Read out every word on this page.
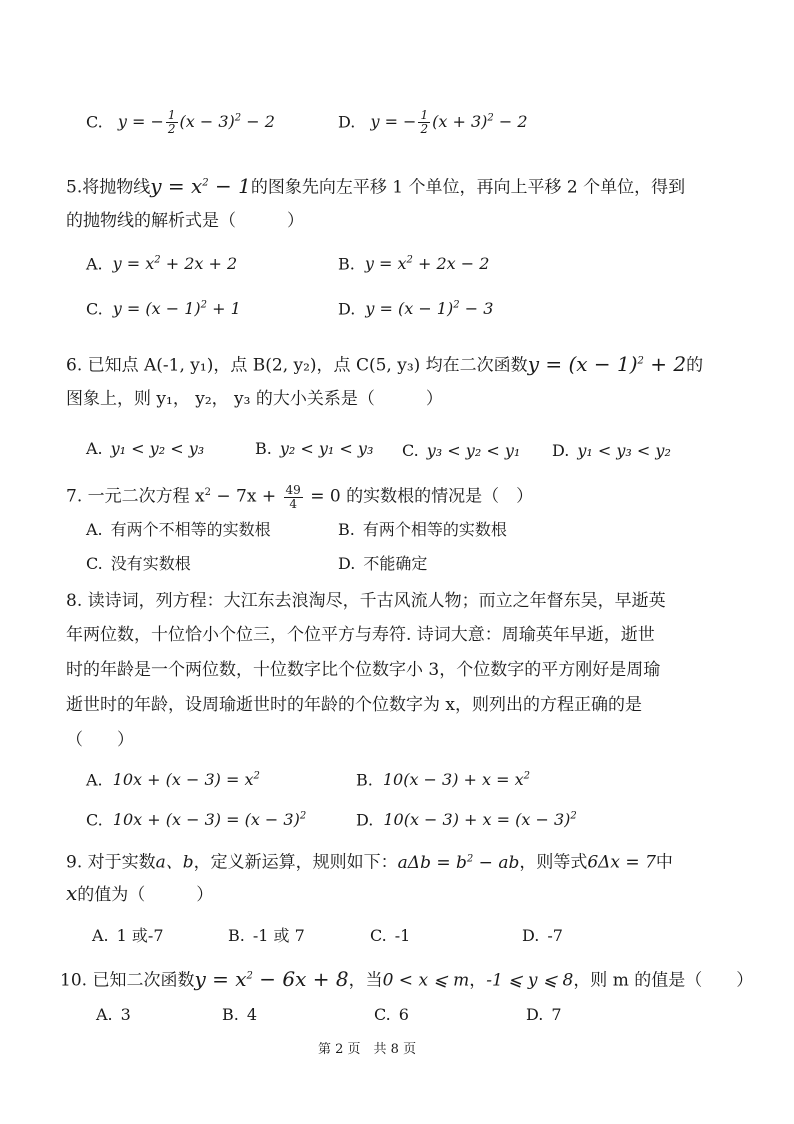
C. y = − $\frac{1}{2} (x - 3)^2 - 2$	D. y = − $\frac{1}{2} (x + 3)^2 - 2$
5.将抛物线$y = x^2 - 1$的图象先向左平移 1 个单位，再向上平移 2 个单位，得到
的抛物线的解析式是（　　　）
A. $y = x^2 + 2x + 2$	B. $y = x^2 + 2x - 2$
C. $y = (x - 1)^2 + 1$	D. $y = (x - 1)^2 - 3$
6. 已知点 A(-1, y₁)，点 B(2, y₂)，点 C(5, y₃) 均在二次函数$y = (x - 1)^2 + 2$的
图象上，则 y₁， y₂， y₃ 的大小关系是（　　　）
A. y₁ < y₂ < y₃	B. y₂ < y₁ < y₃ C. y₃ < y₂ < y₁ D. y₁ < y₃ < y₂
7. 一元二次方程 $x^2 - 7x + \frac{49}{4} = 0$ 的实数根的情况是（　）
A. 有两个不相等的实数根	B. 有两个相等的实数根
C. 没有实数根	D. 不能确定
8. 读诗词，列方程：大江东去浪淘尽，千古风流人物；而立之年督东吴，早逝英
年两位数，十位恰小个位三，个位平方与寿符. 诗词大意：周瑜英年早逝，逝世
时的年龄是一个两位数，十位数字比个位数字小 3，个位数字的平方刚好是周瑜
逝世时的年龄，设周瑜逝世时的年龄的个位数字为 x，则列出的方程正确的是
（　　）
A. $10x + (x - 3) = x^2$	B. $10(x - 3) + x = x^2$
C. $10x + (x - 3) = (x - 3)^2$	D. $10(x - 3) + x = (x - 3)^2$
9. 对于实数a、b，定义新运算，规则如下：$a\Delta b = b^2$ − ab，则等式6Δx = 7中
x的值为（　　　）
A. 1 或-7	B. -1 或 7	C. -1	D. -7
10. 已知二次函数$y = x^2 - 6x + 8$，当0 < x ⩽ m，-1 ⩽ y ⩽ 8，则 m 的值是（　　）
A. 3	B. 4	C. 6	D. 7
第 2 页　共 8 页
